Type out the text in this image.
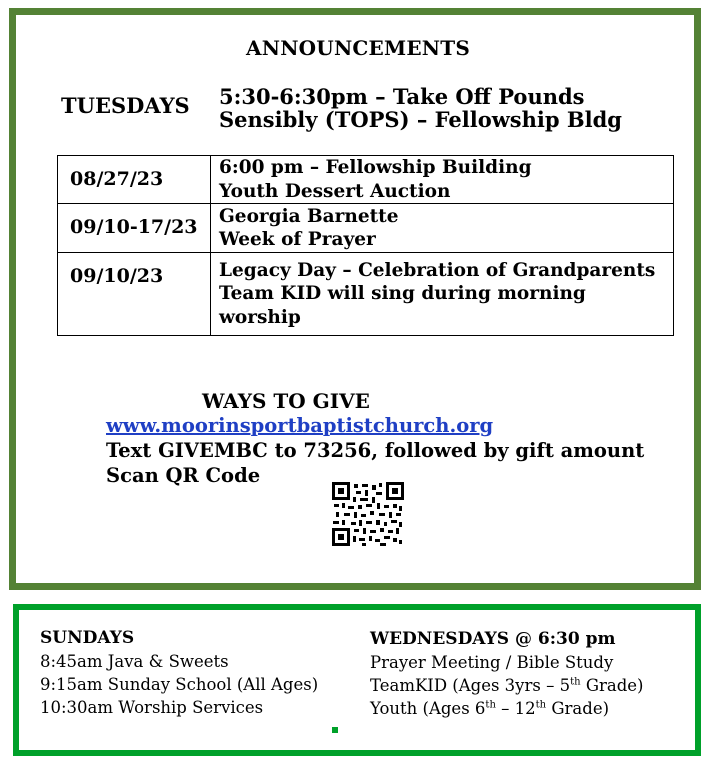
ANNOUNCEMENTS
TUESDAYS 5:30-6:30pm – Take Off Pounds
Sensibly (TOPS) – Fellowship Bldg
08/27/23	6:00 pm – Fellowship Building
Youth Dessert Auction

09/10-17/23	Georgia Barnette
Week of Prayer

09/10/23	Legacy Day – Celebration of Grandparents
Team KID will sing during morning
worship
WAYS TO GIVE
www.moorinsportbaptistchurch.org
Text GIVEMBC to 73256, followed by gift amount Scan QR Code
SUNDAYS
8:45am Java & Sweets
9:15am Sunday School (All Ages)
10:30am Worship Services
WEDNESDAYS @ 6:30 pm
Prayer Meeting / Bible Study
TeamKID (Ages 3yrs – 5th Grade)
Youth (Ages 6th – 12th Grade)
